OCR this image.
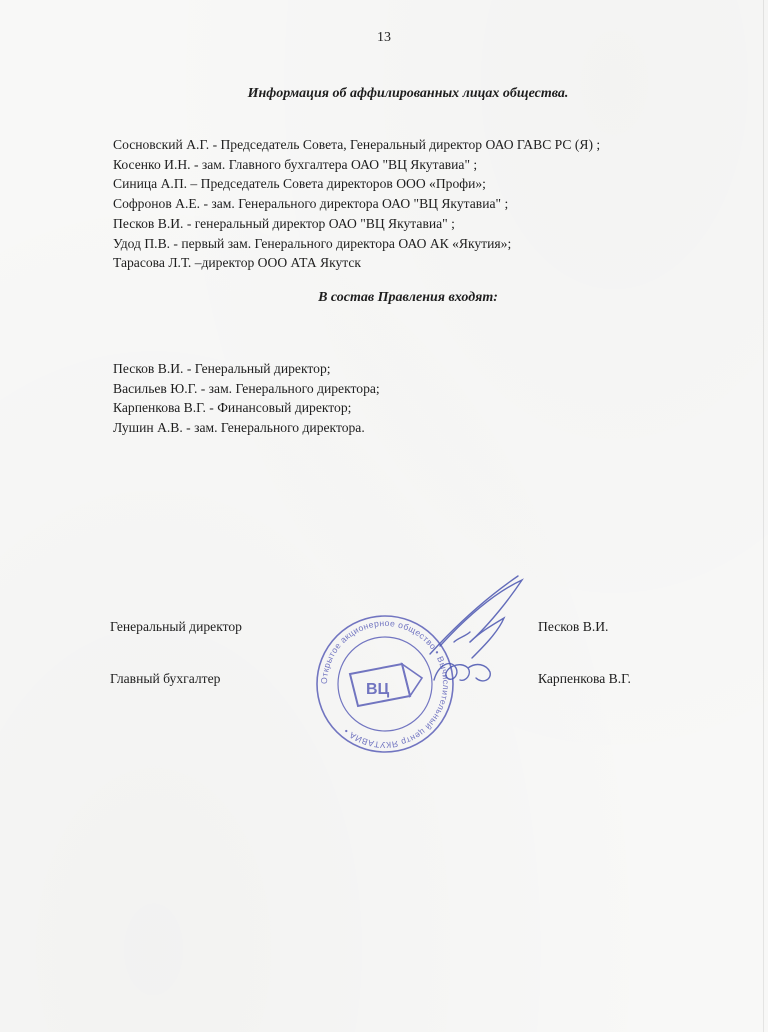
13
Информация об аффилированных лицах общества.
Сосновский А.Г. - Председатель Совета, Генеральный директор ОАО ГАВС РС (Я) ;
Косенко И.Н. - зам. Главного бухгалтера ОАО "ВЦ Якутавиа" ;
Синица А.П. – Председатель Совета директоров ООО «Профи»;
Софронов А.Е. - зам. Генерального директора ОАО "ВЦ Якутавиа" ;
Песков В.И. - генеральный директор ОАО "ВЦ Якутавиа" ;
Удод П.В. - первый зам. Генерального директора ОАО АК «Якутия»;
Тарасова Л.Т. –директор ООО АТА Якутск
В состав Правления входят:
Песков В.И. - Генеральный директор;
Васильев Ю.Г. - зам. Генерального директора;
Карпенкова В.Г. - Финансовый директор;
Лушин А.В. - зам. Генерального директора.
Генеральный директор	Песков В.И.
Главный бухгалтер	Карпенкова В.Г.
Открытое акционерное общество • Вычислительный центр ЯКУТАВИА •
ВЦ
